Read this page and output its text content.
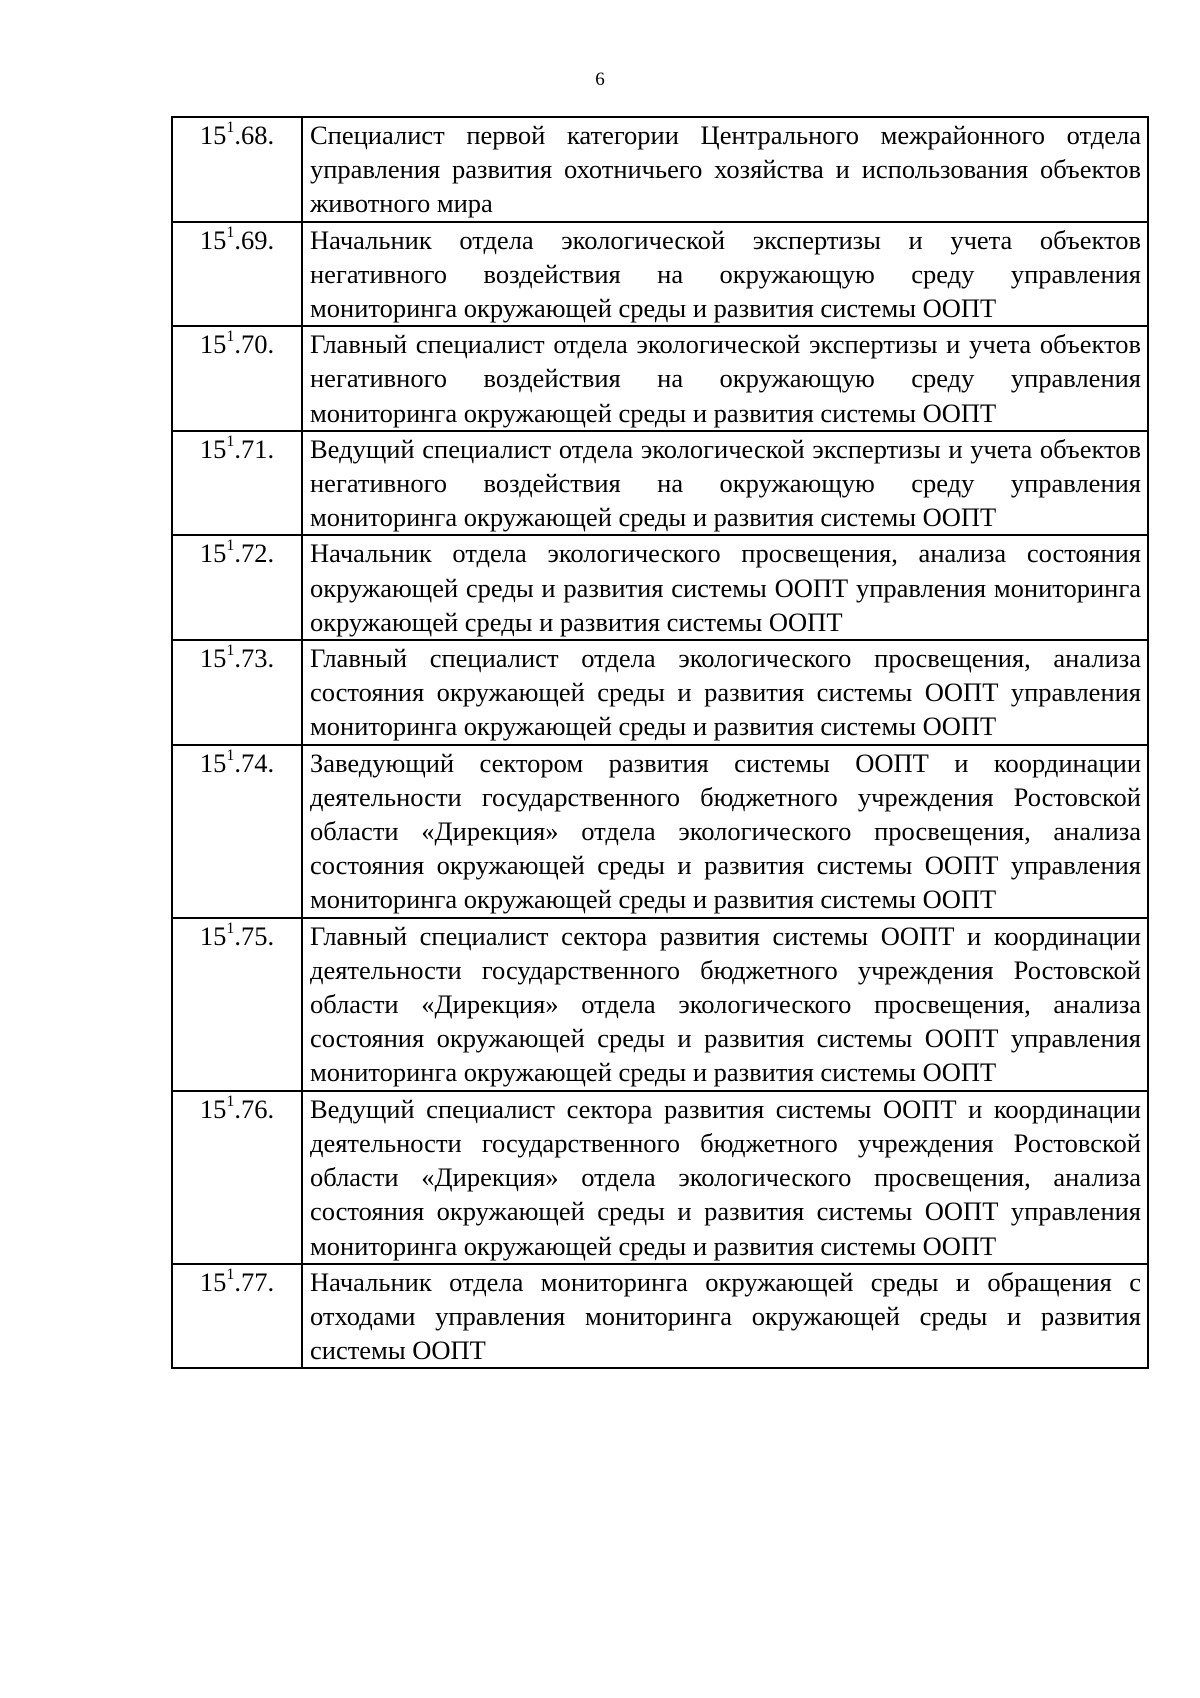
6
$15^1.68$.	Специалист первой категории Центрального межрайонного отдела управления развития охотничьего хозяйства и использования объектов животного мира
$15^1.69$.	Начальник отдела экологической экспертизы и учета объектов негативного воздействия на окружающую среду управления мониторинга окружающей среды и развития системы ООПТ
$15^1.70$.	Главный специалист отдела экологической экспертизы и учета объектов негативного воздействия на окружающую среду управления мониторинга окружающей среды и развития системы ООПТ
$15^1.71$.	Ведущий специалист отдела экологической экспертизы и учета объектов негативного воздействия на окружающую среду управления мониторинга окружающей среды и развития системы ООПТ
$15^1.72$.	Начальник отдела экологического просвещения, анализа состояния окружающей среды и развития системы ООПТ управления мониторинга окружающей среды и развития системы ООПТ
$15^1.73$.	Главный специалист отдела экологического просвещения, анализа состояния окружающей среды и развития системы ООПТ управления мониторинга окружающей среды и развития системы ООПТ
$15^1.74$.	Заведующий сектором развития системы ООПТ и координации деятельности государственного бюджетного учреждения Ростовской области «Дирекция» отдела экологического просвещения, анализа состояния окружающей среды и развития системы ООПТ управления мониторинга окружающей среды и развития системы ООПТ
$15^1.75$.	Главный специалист сектора развития системы ООПТ и координации деятельности государственного бюджетного учреждения Ростовской области «Дирекция» отдела экологического просвещения, анализа состояния окружающей среды и развития системы ООПТ управления мониторинга окружающей среды и развития системы ООПТ
$15^1.76$.	Ведущий специалист сектора развития системы ООПТ и координации деятельности государственного бюджетного учреждения Ростовской области «Дирекция» отдела экологического просвещения, анализа состояния окружающей среды и развития системы ООПТ управления мониторинга окружающей среды и развития системы ООПТ
$15^1.77$.	Начальник отдела мониторинга окружающей среды и обращения с отходами управления мониторинга окружающей среды и развития системы ООПТ
